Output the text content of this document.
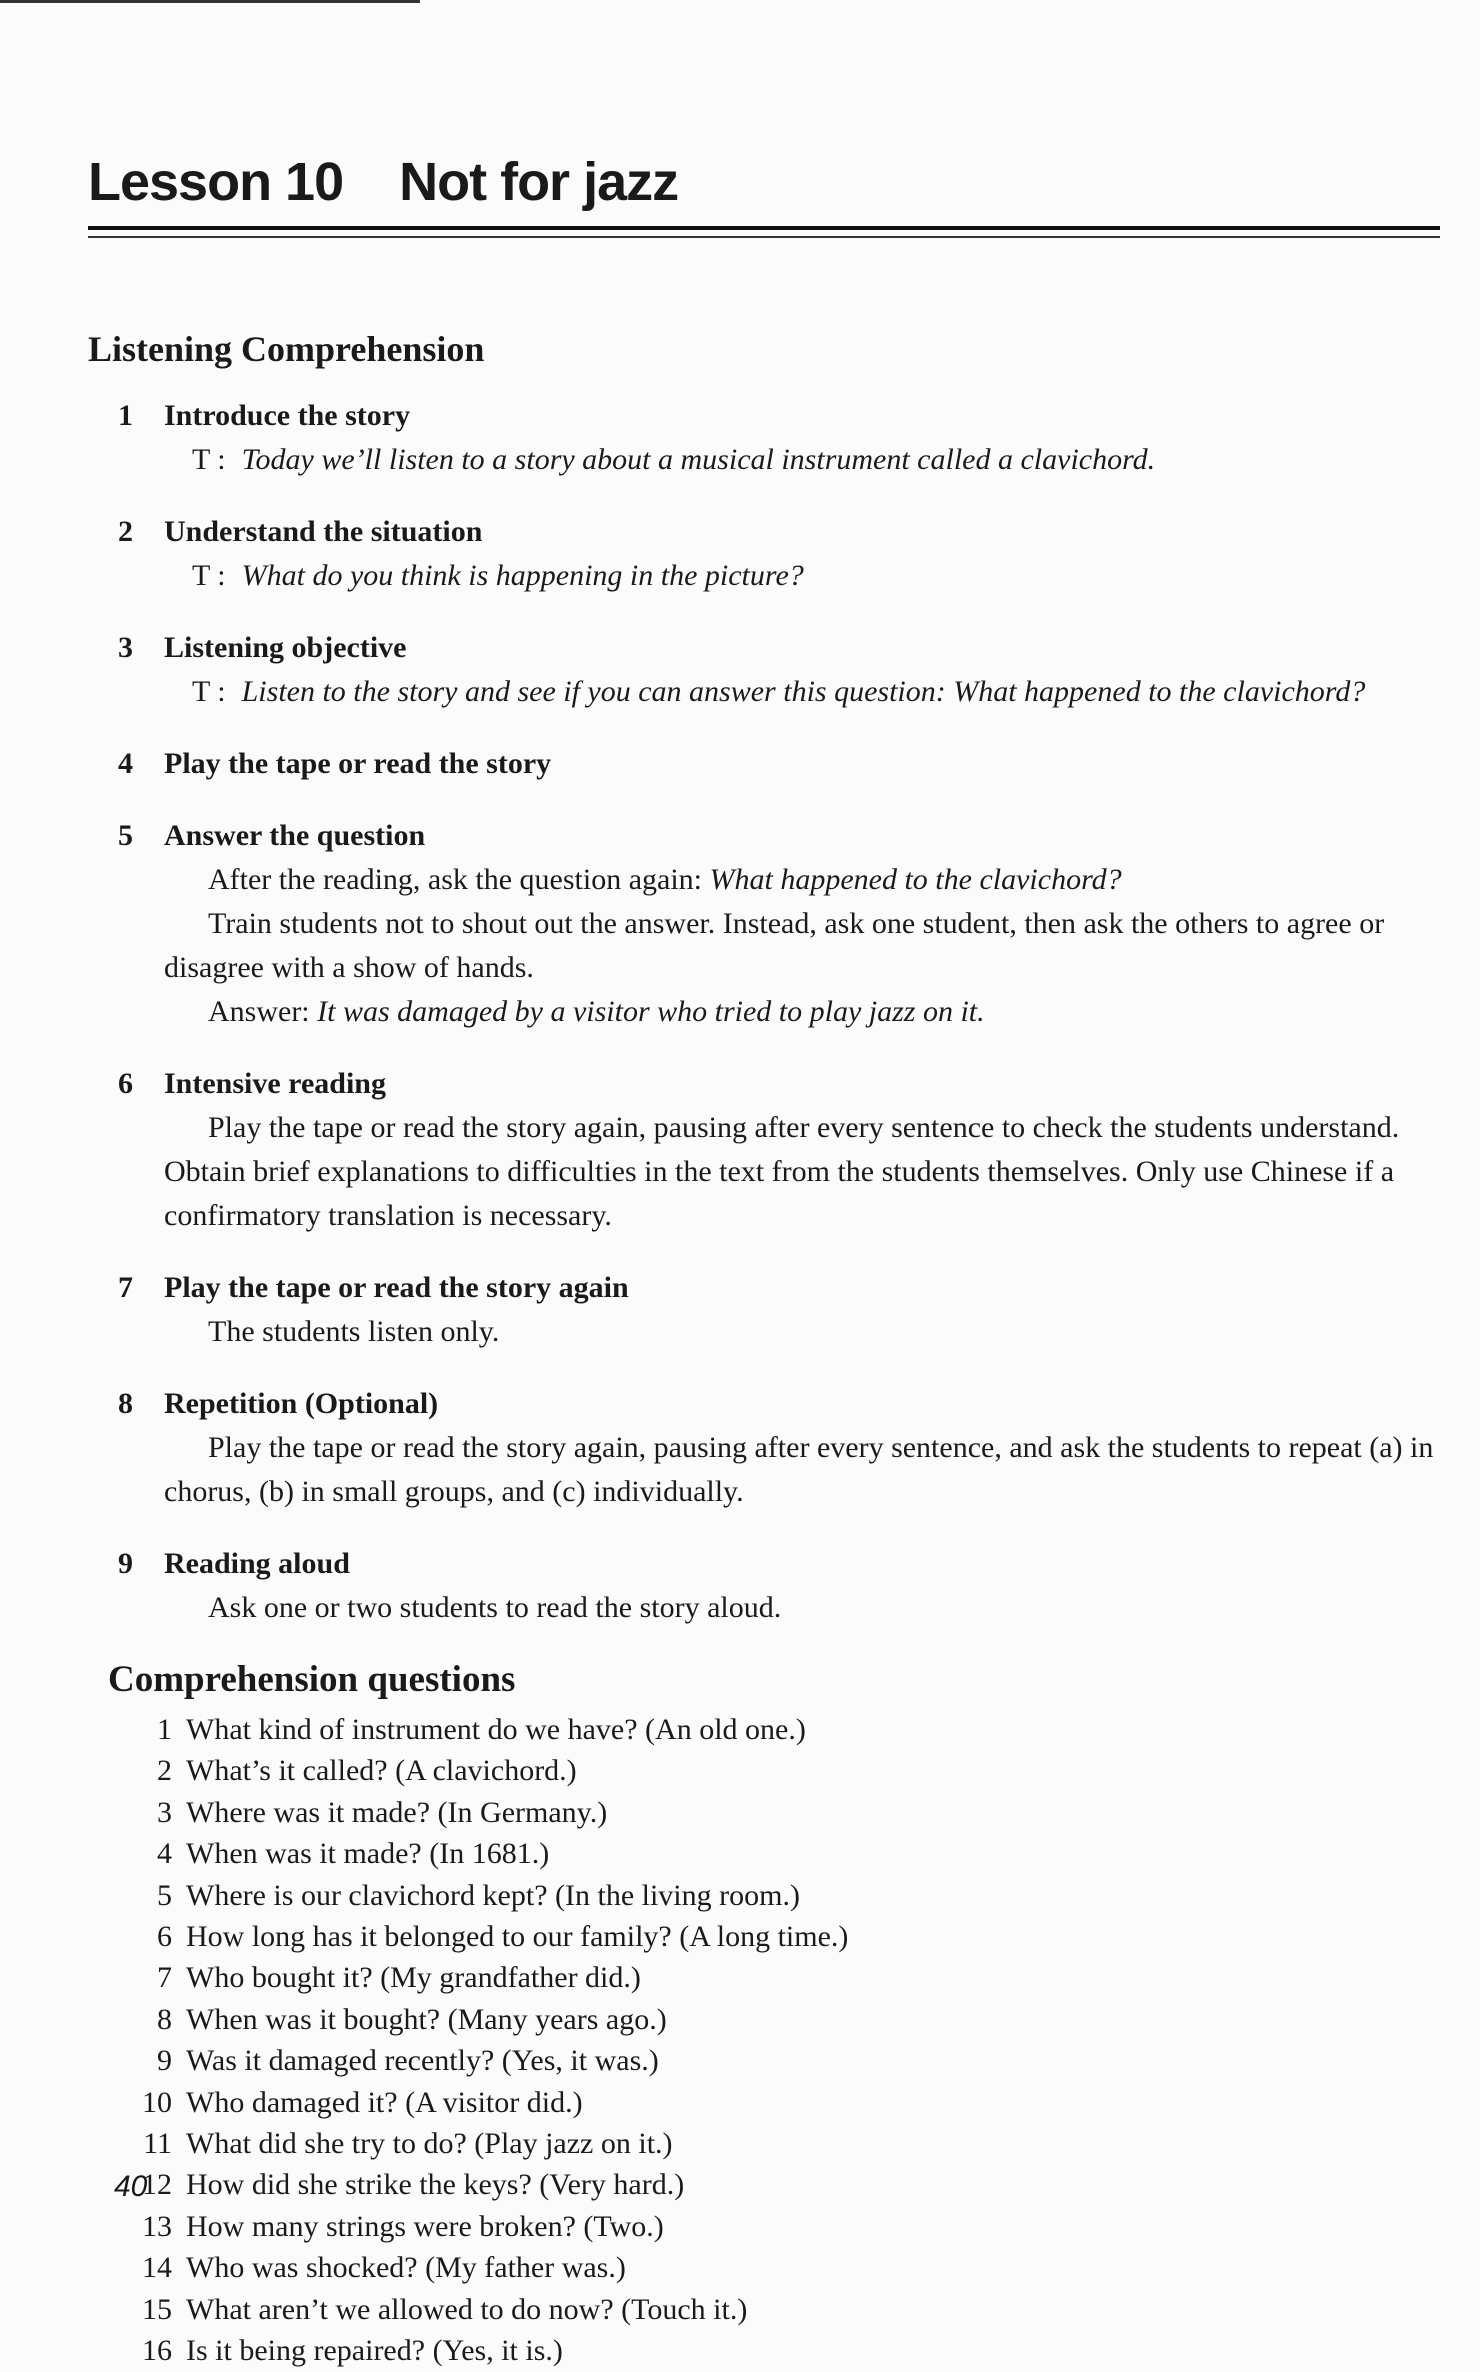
Lesson 10 Not for jazz
Listening Comprehension
1 Introduce the story
T : Today we’ll listen to a story about a musical instrument called a clavichord.
2 Understand the situation
T : What do you think is happening in the picture?
3 Listening objective
T : Listen to the story and see if you can answer this question: What happened to the clavichord?
4 Play the tape or read the story
5 Answer the question
After the reading, ask the question again: What happened to the clavichord?
Train students not to shout out the answer. Instead, ask one student, then ask the others to agree or disagree with a show of hands.
Answer: It was damaged by a visitor who tried to play jazz on it.
6 Intensive reading
Play the tape or read the story again, pausing after every sentence to check the students understand. Obtain brief explanations to difficulties in the text from the students themselves. Only use Chinese if a confirmatory translation is necessary.
7 Play the tape or read the story again
The students listen only.
8 Repetition (Optional)
Play the tape or read the story again, pausing after every sentence, and ask the students to repeat (a) in chorus, (b) in small groups, and (c) individually.
9 Reading aloud
Ask one or two students to read the story aloud.
Comprehension questions
1 What kind of instrument do we have? (An old one.)
2 What’s it called? (A clavichord.)
3 Where was it made? (In Germany.)
4 When was it made? (In 1681.)
5 Where is our clavichord kept? (In the living room.)
6 How long has it belonged to our family? (A long time.)
7 Who bought it? (My grandfather did.)
8 When was it bought? (Many years ago.)
9 Was it damaged recently? (Yes, it was.)
10 Who damaged it? (A visitor did.)
11 What did she try to do? (Play jazz on it.)
12 How did she strike the keys? (Very hard.)
13 How many strings were broken? (Two.)
14 Who was shocked? (My father was.)
15 What aren’t we allowed to do now? (Touch it.)
16 Is it being repaired? (Yes, it is.)
40
